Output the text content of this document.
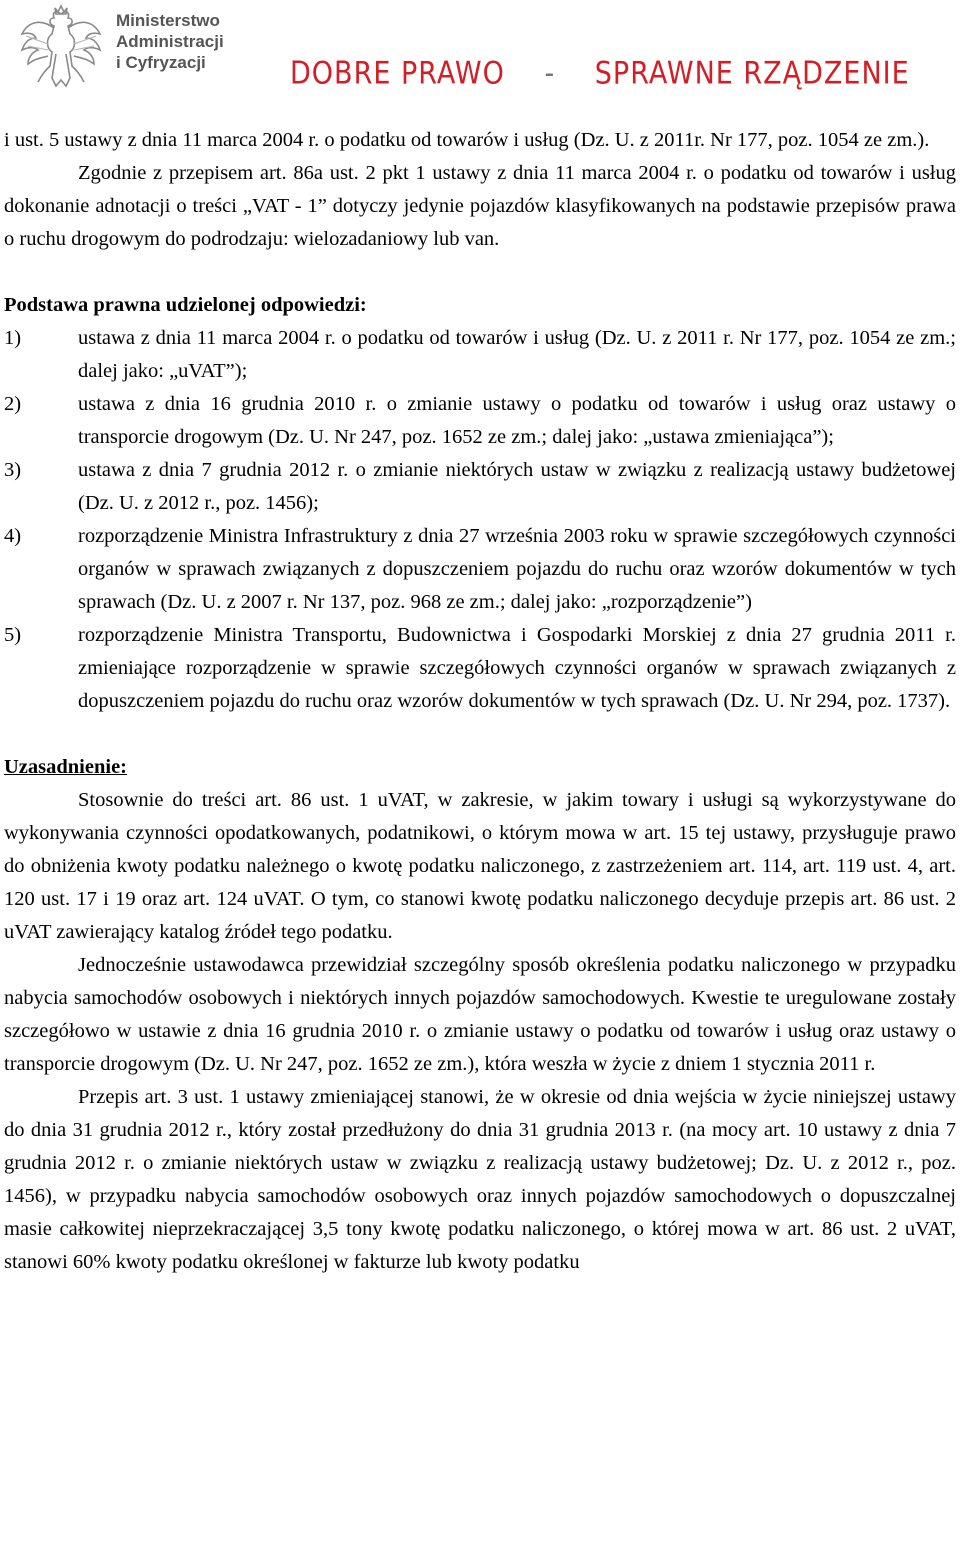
Ministerstwo
Administracji
i Cyfryzacji	DOBRE PRAWO - SPRAWNE RZĄDZENIE

i ust. 5 ustawy z dnia 11 marca 2004 r. o podatku od towarów i usług (Dz. U. z 2011r. Nr 177, poz. 1054 ze zm.).

Zgodnie z przepisem art. 86a ust. 2 pkt 1 ustawy z dnia 11 marca 2004 r. o podatku od towarów i usług dokonanie adnotacji o treści „VAT - 1” dotyczy jedynie pojazdów klasyfikowanych na podstawie przepisów prawa o ruchu drogowym do podrodzaju: wielozadaniowy lub van.

Podstawa prawna udzielonej odpowiedzi:

1)	ustawa z dnia 11 marca 2004 r. o podatku od towarów i usług (Dz. U. z 2011 r. Nr 177, poz. 1054 ze zm.; dalej jako: „uVAT”);
2)	ustawa z dnia 16 grudnia 2010 r. o zmianie ustawy o podatku od towarów i usług oraz ustawy o transporcie drogowym (Dz. U. Nr 247, poz. 1652 ze zm.; dalej jako: „ustawa zmieniająca”);
3)	ustawa z dnia 7 grudnia 2012 r. o zmianie niektórych ustaw w związku z realizacją ustawy budżetowej (Dz. U. z 2012 r., poz. 1456);
4)	rozporządzenie Ministra Infrastruktury z dnia 27 września 2003 roku w sprawie szczegółowych czynności organów w sprawach związanych z dopuszczeniem pojazdu do ruchu oraz wzorów dokumentów w tych sprawach (Dz. U. z 2007 r. Nr 137, poz. 968 ze zm.; dalej jako: „rozporządzenie”)
5)	rozporządzenie Ministra Transportu, Budownictwa i Gospodarki Morskiej z dnia 27 grudnia 2011 r. zmieniające rozporządzenie w sprawie szczegółowych czynności organów w sprawach związanych z dopuszczeniem pojazdu do ruchu oraz wzorów dokumentów w tych sprawach (Dz. U. Nr 294, poz. 1737).

Uzasadnienie:

Stosownie do treści art. 86 ust. 1 uVAT, w zakresie, w jakim towary i usługi są wykorzystywane do wykonywania czynności opodatkowanych, podatnikowi, o którym mowa w art. 15 tej ustawy, przysługuje prawo do obniżenia kwoty podatku należnego o kwotę podatku naliczonego, z zastrzeżeniem art. 114, art. 119 ust. 4, art. 120 ust. 17 i 19 oraz art. 124 uVAT. O tym, co stanowi kwotę podatku naliczonego decyduje przepis art. 86 ust. 2 uVAT zawierający katalog źródeł tego podatku.

Jednocześnie ustawodawca przewidział szczególny sposób określenia podatku naliczonego w przypadku nabycia samochodów osobowych i niektórych innych pojazdów samochodowych. Kwestie te uregulowane zostały szczegółowo w ustawie z dnia 16 grudnia 2010 r. o zmianie ustawy o podatku od towarów i usług oraz ustawy o transporcie drogowym (Dz. U. Nr 247, poz. 1652 ze zm.), która weszła w życie z dniem 1 stycznia 2011 r.

Przepis art. 3 ust. 1 ustawy zmieniającej stanowi, że w okresie od dnia wejścia w życie niniejszej ustawy do dnia 31 grudnia 2012 r., który został przedłużony do dnia 31 grudnia 2013 r. (na mocy art. 10 ustawy z dnia 7 grudnia 2012 r. o zmianie niektórych ustaw w związku z realizacją ustawy budżetowej; Dz. U. z 2012 r., poz. 1456), w przypadku nabycia samochodów osobowych oraz innych pojazdów samochodowych o dopuszczalnej masie całkowitej nieprzekraczającej 3,5 tony kwotę podatku naliczonego, o której mowa w art. 86 ust. 2 uVAT, stanowi 60% kwoty podatku określonej w fakturze lub kwoty podatku
